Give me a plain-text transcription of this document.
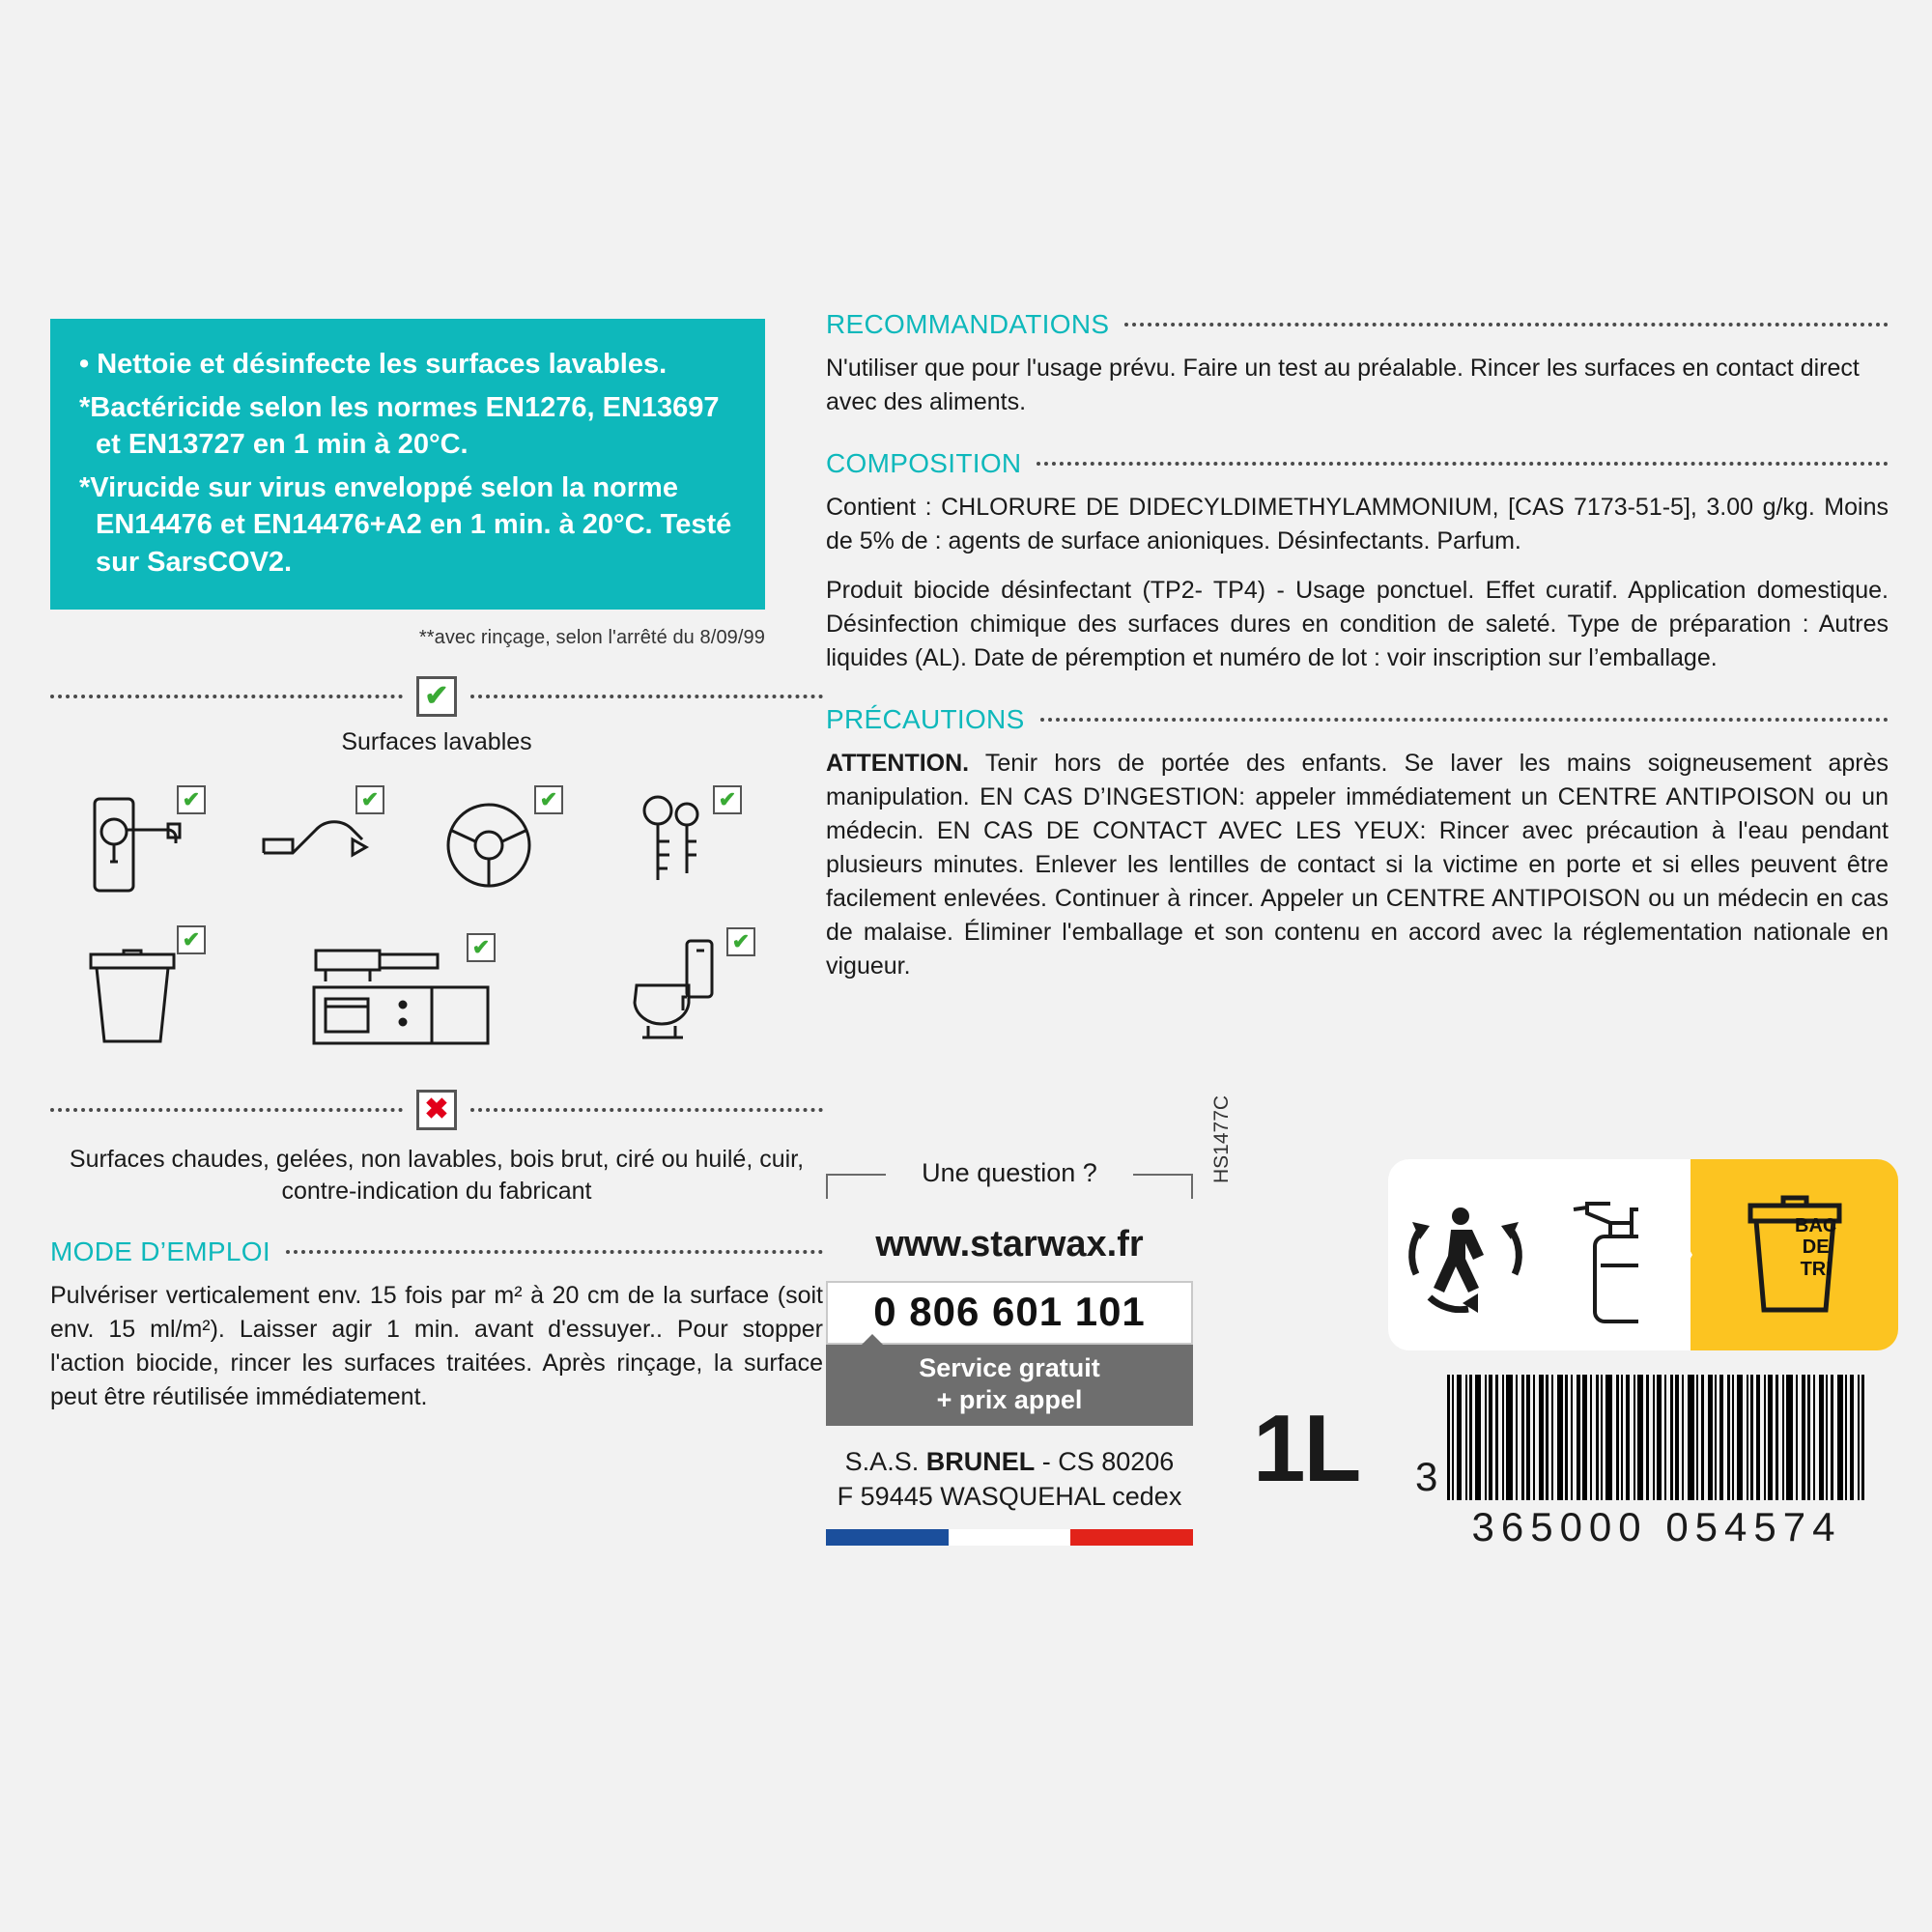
• Nettoie et désinfecte les surfaces lavables.

*Bactéricide selon les normes EN1276, EN13697 et EN13727 en 1 min à 20°C.

*Virucide sur virus enveloppé selon la norme EN14476 et EN14476+A2 en 1 min. à 20°C. Testé sur SarsCOV2.

**avec rinçage, selon l'arrêté du 8/09/99
✔
Surfaces lavables
✔	✔	✔	✔
✔	✔	✔
✖
Surfaces chaudes, gelées, non lavables, bois brut, ciré ou huilé, cuir, contre-indication du fabricant
MODE D’EMPLOI
Pulvériser verticalement env. 15 fois par m² à 20 cm de la surface (soit env. 15 ml/m²). Laisser agir 1 min. avant d'essuyer.. Pour stopper l'action biocide, rincer les surfaces traitées. Après rinçage, la surface peut être réutilisée immédiatement.
RECOMMANDATIONS
N'utiliser que pour l'usage prévu. Faire un test au préalable. Rincer les surfaces en contact direct avec des aliments.
COMPOSITION

Contient : CHLORURE DE DIDECYLDIMETHYLAMMONIUM, [CAS 7173-51-5], 3.00 g/kg. Moins de 5% de : agents de surface anioniques. Désinfectants. Parfum.

Produit biocide désinfectant (TP2- TP4) - Usage ponctuel. Effet curatif. Application domestique. Désinfection chimique des surfaces dures en condition de saleté. Type de préparation : Autres liquides (AL). Date de péremption et numéro de lot : voir inscription sur l’emballage.

PRÉCAUTIONS

ATTENTION. Tenir hors de portée des enfants. Se laver les mains soigneusement après manipulation. EN CAS D’INGESTION: appeler immédiatement un CENTRE ANTIPOISON ou un médecin. EN CAS DE CONTACT AVEC LES YEUX: Rincer avec précaution à l'eau pendant plusieurs minutes. Enlever les lentilles de contact si la victime en porte et si elles peuvent être facilement enlevées. Continuer à rincer. Appeler un CENTRE ANTIPOISON ou un médecin en cas de malaise. Éliminer l'emballage et son contenu en accord avec la réglementation nationale en vigueur.

Une question ?
www.starwax.fr
0 806 601 101
Service gratuit
+ prix appel
S.A.S. BRUNEL - CS 80206
F 59445 WASQUEHAL cedex
HS1477C
1L
BAC
DE
TRI
3
365000 054574
